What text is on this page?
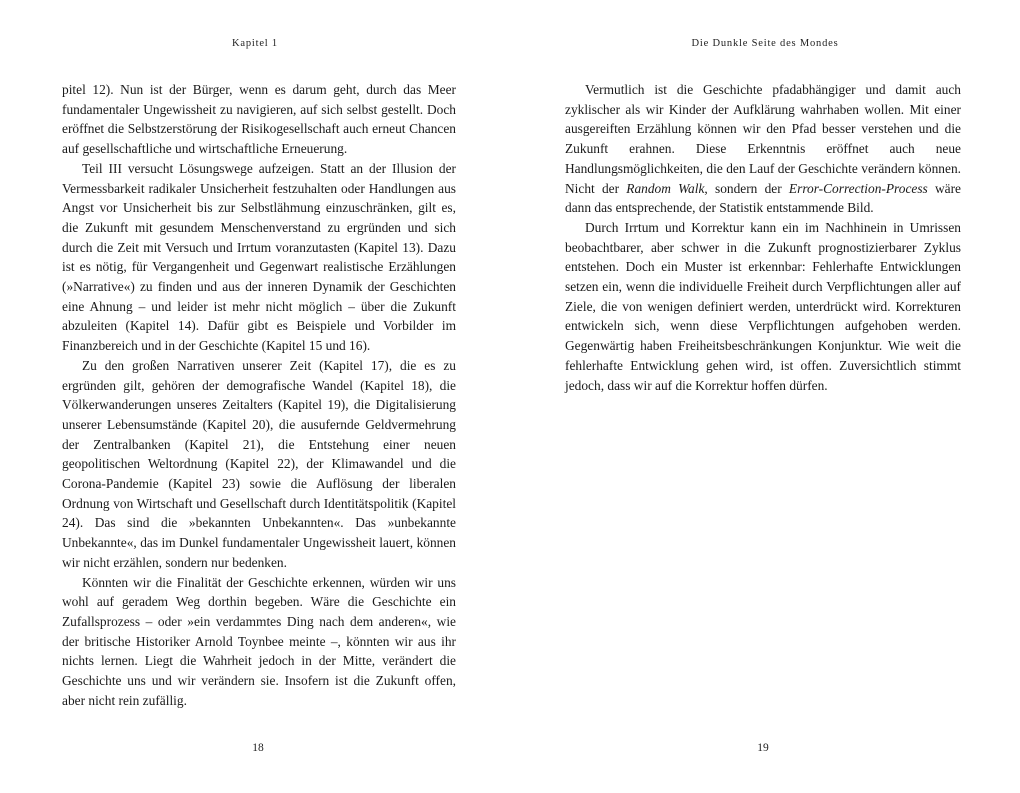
Kapitel 1

pitel 12). Nun ist der Bürger, wenn es darum geht, durch das Meer fundamentaler Ungewissheit zu navigieren, auf sich selbst gestellt. Doch eröffnet die Selbstzerstörung der Risikogesellschaft auch erneut Chancen auf gesellschaftliche und wirtschaftliche Erneuerung.

Teil III versucht Lösungswege aufzeigen. Statt an der Illusion der Vermessbarkeit radikaler Unsicherheit festzuhalten oder Handlungen aus Angst vor Unsicherheit bis zur Selbstlähmung einzuschränken, gilt es, die Zukunft mit gesundem Menschenverstand zu ergründen und sich durch die Zeit mit Versuch und Irrtum voranzutasten (Kapitel 13). Dazu ist es nötig, für Vergangenheit und Gegenwart realistische Erzählungen (»Narrative«) zu finden und aus der inneren Dynamik der Geschichten eine Ahnung – und leider ist mehr nicht möglich – über die Zukunft abzuleiten (Kapitel 14). Dafür gibt es Beispiele und Vorbilder im Finanzbereich und in der Geschichte (Kapitel 15 und 16).

Zu den großen Narrativen unserer Zeit (Kapitel 17), die es zu ergründen gilt, gehören der demografische Wandel (Kapitel 18), die Völkerwanderungen unseres Zeitalters (Kapitel 19), die Digitalisierung unserer Lebensumstände (Kapitel 20), die ausufernde Geldvermehrung der Zentralbanken (Kapitel 21), die Entstehung einer neuen geopolitischen Weltordnung (Kapitel 22), der Klimawandel und die Corona-Pandemie (Kapitel 23) sowie die Auflösung der liberalen Ordnung von Wirtschaft und Gesellschaft durch Identitätspolitik (Kapitel 24). Das sind die »bekannten Unbekannten«. Das »unbekannte Unbekannte«, das im Dunkel fundamentaler Ungewissheit lauert, können wir nicht erzählen, sondern nur bedenken.

Könnten wir die Finalität der Geschichte erkennen, würden wir uns wohl auf geradem Weg dorthin begeben. Wäre die Geschichte ein Zufallsprozess – oder »ein verdammtes Ding nach dem anderen«, wie der britische Historiker Arnold Toynbee meinte –, könnten wir aus ihr nichts lernen. Liegt die Wahrheit jedoch in der Mitte, verändert die Geschichte uns und wir verändern sie. Insofern ist die Zukunft offen, aber nicht rein zufällig.

18
Die Dunkle Seite des Mondes

Vermutlich ist die Geschichte pfadabhängiger und damit auch zyklischer als wir Kinder der Aufklärung wahrhaben wollen. Mit einer ausgereiften Erzählung können wir den Pfad besser verstehen und die Zukunft erahnen. Diese Erkenntnis eröffnet auch neue Handlungsmöglichkeiten, die den Lauf der Geschichte verändern können. Nicht der Random Walk, sondern der Error-Correction-Process wäre dann das entsprechende, der Statistik entstammende Bild.

Durch Irrtum und Korrektur kann ein im Nachhinein in Umrissen beobachtbarer, aber schwer in die Zukunft prognostizierbarer Zyklus entstehen. Doch ein Muster ist erkennbar: Fehlerhafte Entwicklungen setzen ein, wenn die individuelle Freiheit durch Verpflichtungen aller auf Ziele, die von wenigen definiert werden, unterdrückt wird. Korrekturen entwickeln sich, wenn diese Verpflichtungen aufgehoben werden. Gegenwärtig haben Freiheitsbeschränkungen Konjunktur. Wie weit die fehlerhafte Entwicklung gehen wird, ist offen. Zuversichtlich stimmt jedoch, dass wir auf die Korrektur hoffen dürfen.

19
